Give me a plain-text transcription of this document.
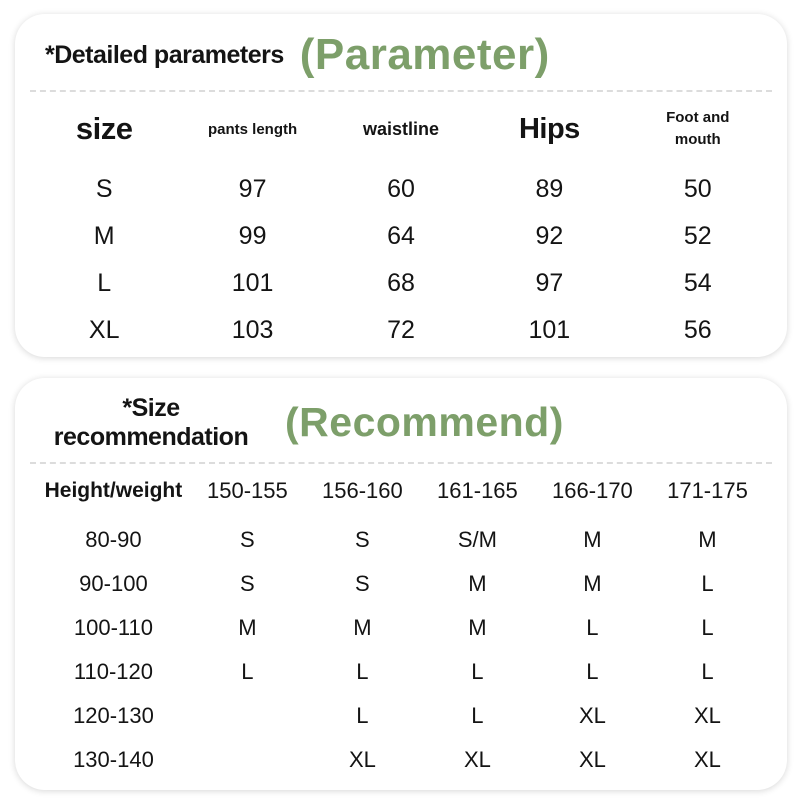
*Detailed parameters (Parameter)
size	pants length	waistline	Hips	Foot and mouth
S	97	60	89	50
M	99	64	92	52
L	101	68	97	54
XL	103	72	101	56
*Size recommendation (Recommend)
Height/weight	150-155	156-160	161-165	166-170	171-175
80-90	S	S	S/M	M	M
90-100	S	S	M	M	L
100-110	M	M	M	L	L
110-120	L	L	L	L	L
120-130		L	L	XL	XL
130-140		XL	XL	XL	XL
